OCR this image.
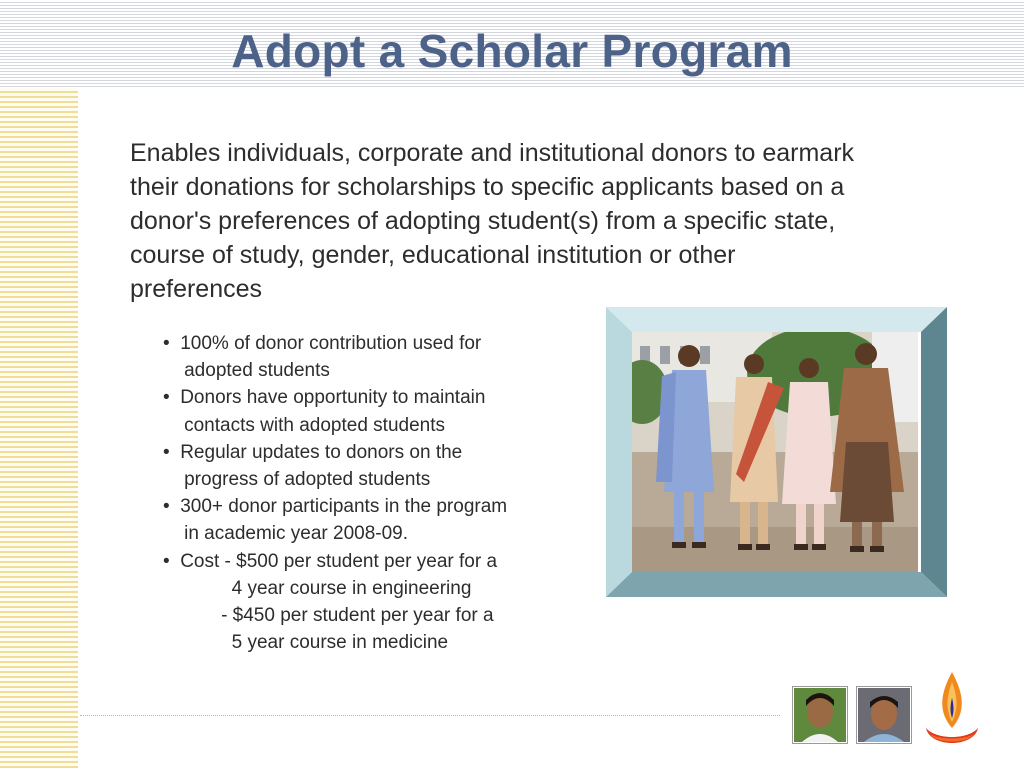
Adopt a Scholar Program
Enables individuals, corporate and institutional donors to earmark
their donations for scholarships to specific applicants based on a
donor's preferences of adopting student(s) from a specific state,
course of study, gender, educational institution or other
preferences
•  100% of donor contribution used for
adopted students
•  Donors have opportunity to maintain
contacts with adopted students
•  Regular updates to donors on the
progress of adopted students
•  300+ donor participants in the program
in academic year 2008-09.
•  Cost - $500 per student per year for a
4 year course in engineering
- $450 per student per year for a
5 year course in medicine
